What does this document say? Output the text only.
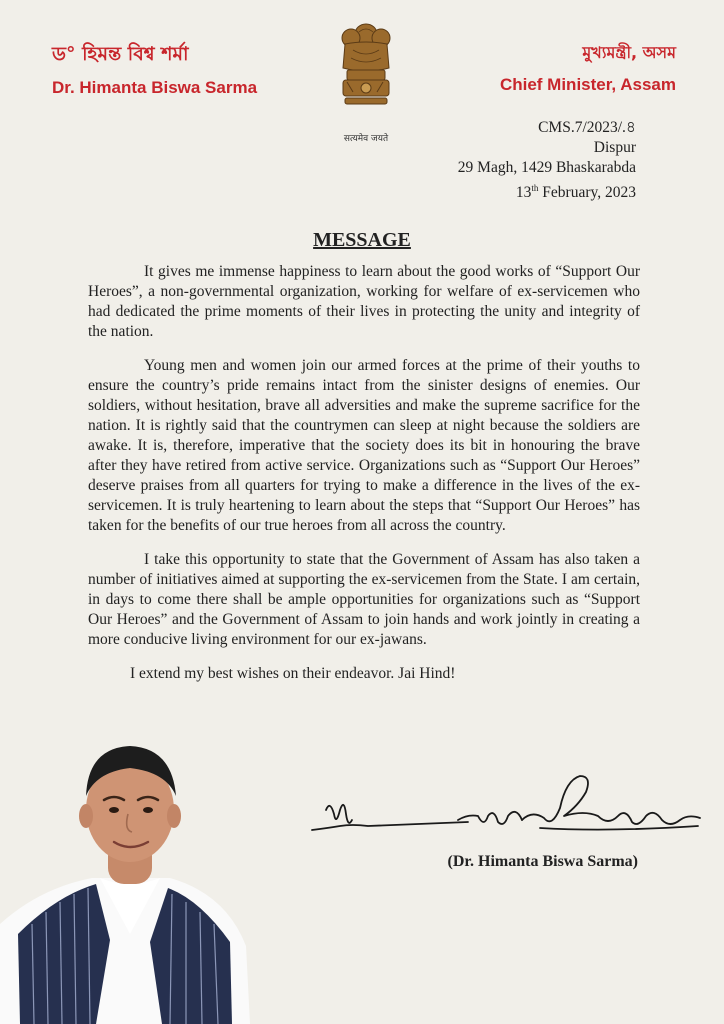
ড° হিমন্ত বিশ্ব শৰ্মা
Dr. Himanta Biswa Sarma
सत्यमेव जयते
মুখ্যমন্ত্ৰী, অসম
Chief Minister, Assam
CMS.7/2023/.৪
Dispur
29 Magh, 1429 Bhaskarabda
13th February, 2023
MESSAGE

It gives me immense happiness to learn about the good works of “Support Our Heroes”, a non-governmental organization, working for welfare of ex-servicemen who had dedicated the prime moments of their lives in protecting the unity and integrity of the nation.

Young men and women join our armed forces at the prime of their youths to ensure the country’s pride remains intact from the sinister designs of enemies. Our soldiers, without hesitation, brave all adversities and make the supreme sacrifice for the nation. It is rightly said that the countrymen can sleep at night because the soldiers are awake. It is, therefore, imperative that the society does its bit in honouring the brave after they have retired from active service. Organizations such as “Support Our Heroes” deserve praises from all quarters for trying to make a difference in the lives of the ex-servicemen. It is truly heartening to learn about the steps that “Support Our Heroes” has taken for the benefits of our true heroes from all across the country.

I take this opportunity to state that the Government of Assam has also taken a number of initiatives aimed at supporting the ex-servicemen from the State. I am certain, in days to come there shall be ample opportunities for organizations such as “Support Our Heroes” and the Government of Assam to join hands and work jointly in creating a more conducive living environment for our ex-jawans.

I extend my best wishes on their endeavor. Jai Hind!

(Dr. Himanta Biswa Sarma)
